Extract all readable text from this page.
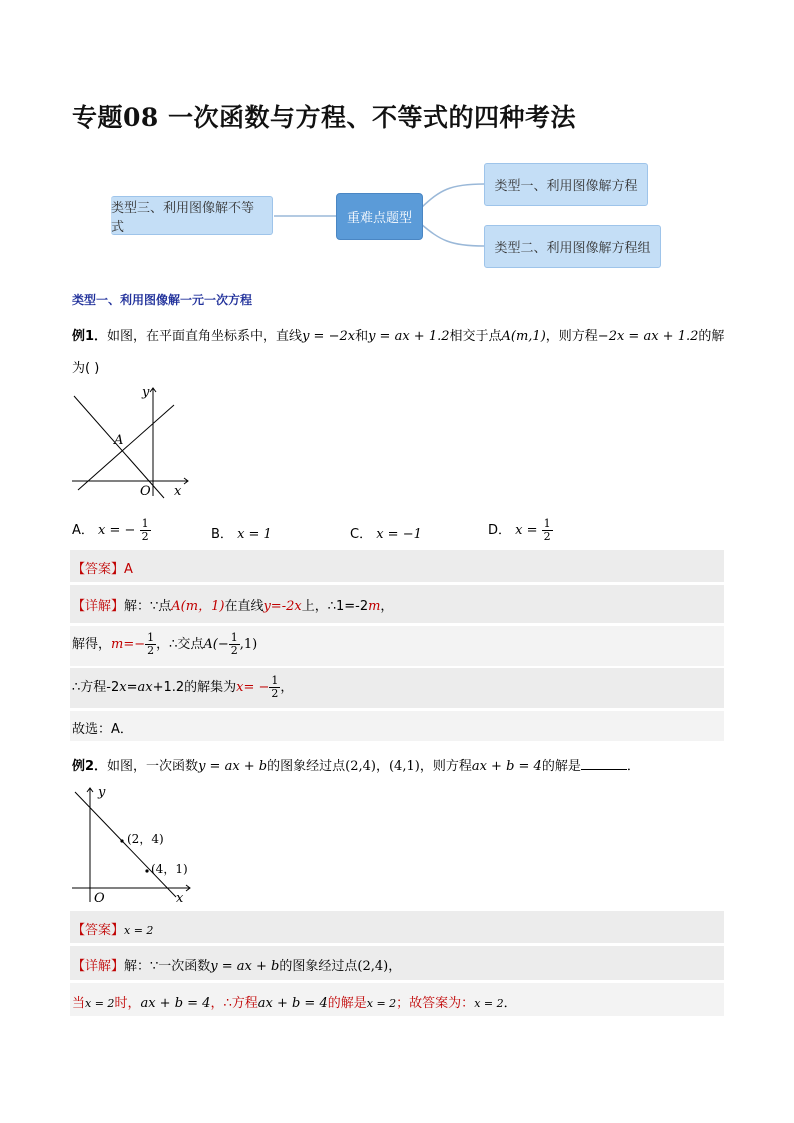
专题08 一次函数与方程、不等式的四种考法
类型三、利用图像解不等式
重难点题型
类型一、利用图像解方程
类型二、利用图像解方程组
类型一、利用图像解一元一次方程
例1．如图，在平面直角坐标系中，直线y = −2x和y = ax + 1.2相交于点A(m,1)，则方程−2x = ax + 1.2的解
为( )
y
x
O
A
A． x = − $\frac{1}{2}$	B． x = 1	C． x = −1	D． $x = \frac{1}{2}$
【答案】A
【详解】解：∵点A(m，1)在直线y=-2x上，∴1=-2m，
解得，$m=- \frac{1}{2}$ ，∴交点$A(- \frac{1}{2} ,1)$
∴方程-2x=ax+1.2的解集为$x= - \frac{1}{2}$ ，
故选：A．
例2．如图，一次函数y = ax + b的图象经过点(2,4)，(4,1)，则方程ax + b = 4的解是	．
y
x
O
(2，4)
(4，1)
【答案】x = 2
【详解】解：∵一次函数y = ax + b的图象经过点(2,4)，
当x = 2时，ax + b = 4，∴方程ax + b = 4的解是x = 2；故答案为：x = 2．
